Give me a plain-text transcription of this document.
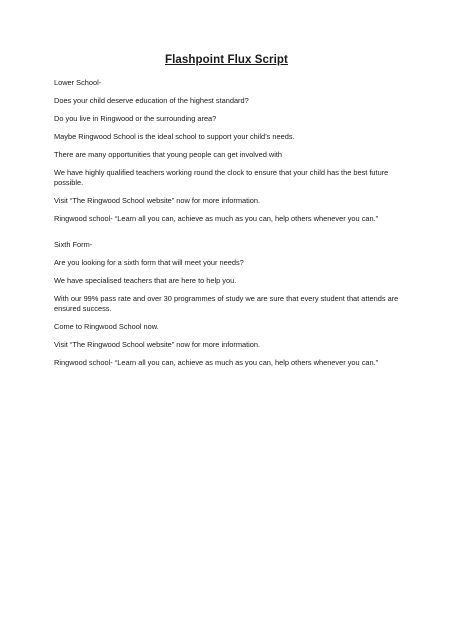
Flashpoint Flux Script

Lower School-

Does your child deserve education of the highest standard?

Do you live in Ringwood or the surrounding area?

Maybe Ringwood School is the ideal school to support your child’s needs.

There are many opportunities that young people can get involved with

We have highly qualified teachers working round the clock to ensure that your child has the best future possible.

Visit “The Ringwood School website” now for more information.

Ringwood school- “Learn all you can, achieve as much as you can, help others whenever you can.”

Sixth Form-

Are you looking for a sixth form that will meet your needs?

We have specialised teachers that are here to help you.

With our 99% pass rate and over 30 programmes of study we are sure that every student that attends are ensured success.

Come to Ringwood School now.

Visit “The Ringwood School website” now for more information.

Ringwood school- “Learn all you can, achieve as much as you can, help others whenever you can.”
